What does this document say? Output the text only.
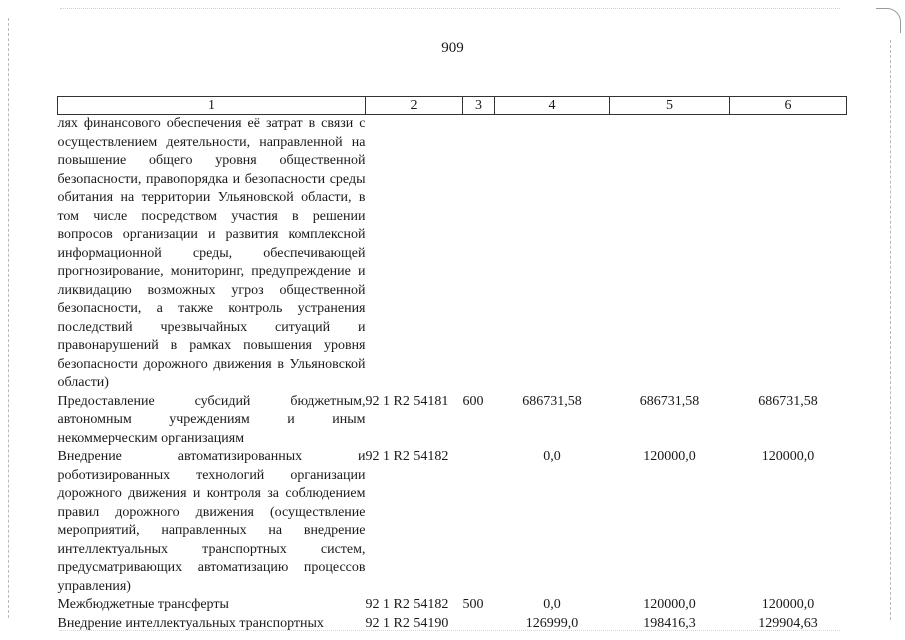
909
1	2	3	4	5	6
лях финансового обеспечения её затрат в связи с осуществлением деятельности, направленной на повышение общего уровня общественной безопасности, правопорядка и безопасности среды обитания на территории Ульяновской области, в том числе посредством участия в решении вопросов организации и развития комплексной информационной среды, обеспечивающей прогнозирование, мониторинг, предупреждение и ликвидацию возможных угроз общественной безопасности, а также контроль устранения последствий чрезвычайных ситуаций и правонарушений в рамках повышения уровня безопасности дорожного движения в Ульяновской области)					
Предоставление субсидий бюджетным, автономным учреждениям и иным некоммерческим организациям	92 1 R2 54181	600	686731,58	686731,58	686731,58
Внедрение автоматизированных и роботизированных технологий организации дорожного движения и контроля за соблюдением правил дорожного движения (осуществление мероприятий, направленных на внедрение интеллектуальных транспортных систем, предусматривающих автоматизацию процессов управления)	92 1 R2 54182		0,0	120000,0	120000,0
Межбюджетные трансферты	92 1 R2 54182	500	0,0	120000,0	120000,0
Внедрение интеллектуальных транспортных	92 1 R2 54190		126999,0	198416,3	129904,63
